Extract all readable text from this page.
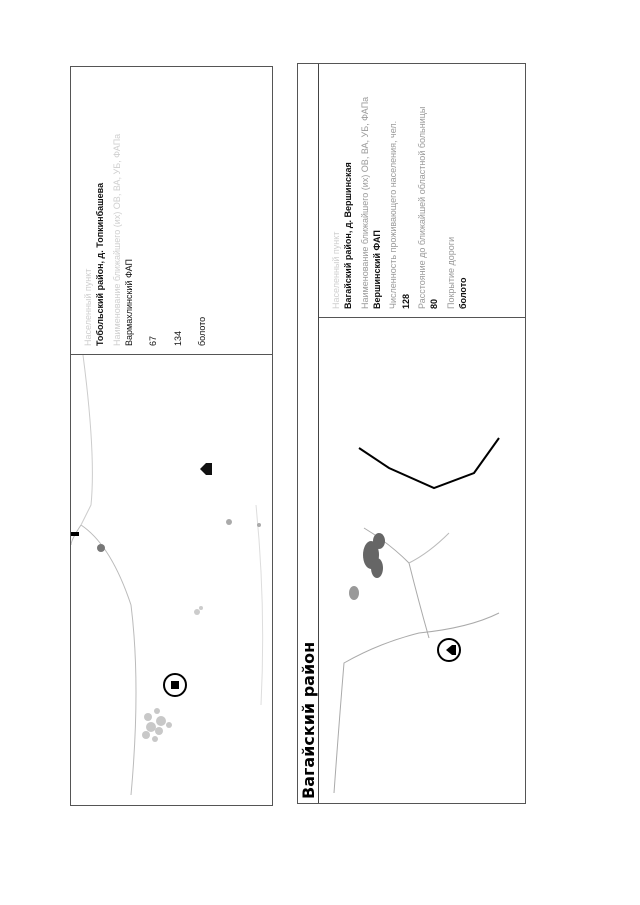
Населенный пункт Тобольский район, д. Топкинбашева Наименование ближайшего (их) ОВ, ВА, УБ, ФАПа Вармахлинский ФАП 67 134 болото
Вагайский район
Населенный пункт Вагайский район, д. Вершинская Наименование ближайшего (их) ОВ, ВА, УБ, ФАПа Вершинский ФАП Численность проживающего населения, чел. 128 Расстояние до ближайшей областной больницы 80 Покрытие дороги болото
